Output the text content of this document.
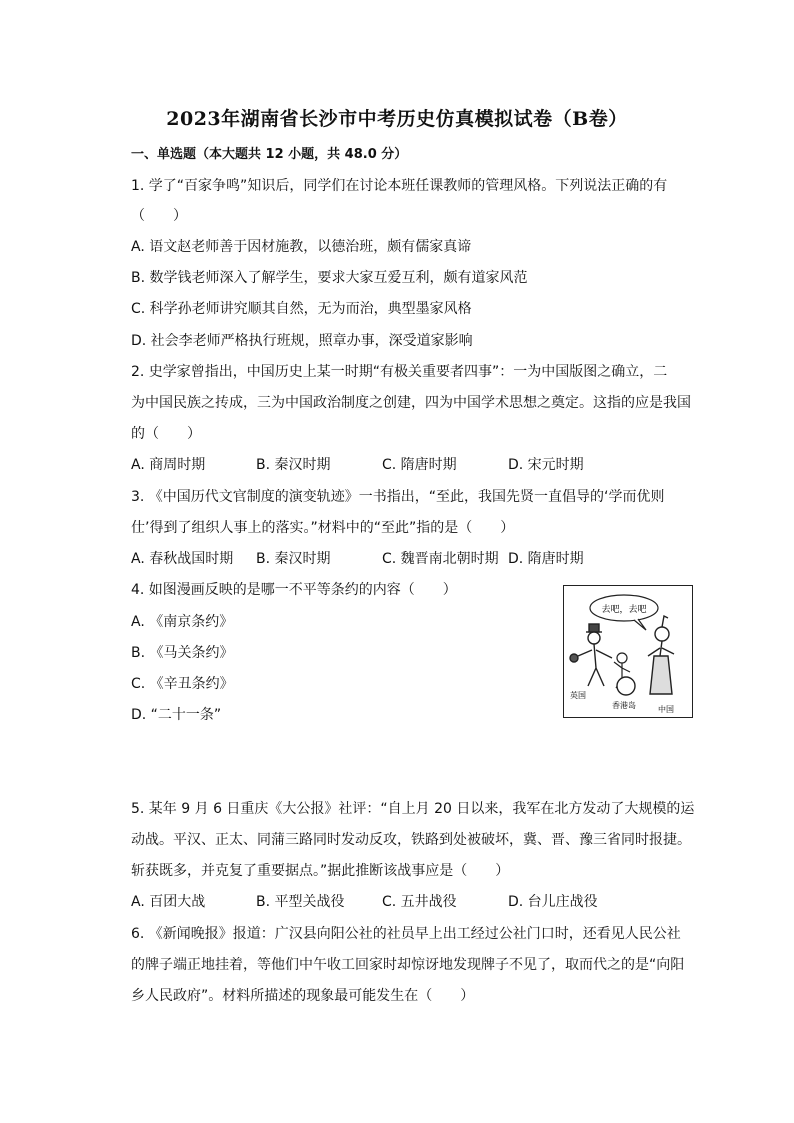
2023年湖南省长沙市中考历史仿真模拟试卷（B卷）
一、单选题（本大题共 12 小题，共 48.0 分）
1. 学了“百家争鸣”知识后，同学们在讨论本班任课教师的管理风格。下列说法正确的有
（　　）
A. 语文赵老师善于因材施教，以德治班，颇有儒家真谛
B. 数学钱老师深入了解学生，要求大家互爱互利，颇有道家风范
C. 科学孙老师讲究顺其自然，无为而治，典型墨家风格
D. 社会李老师严格执行班规，照章办事，深受道家影响
2. 史学家曾指出，中国历史上某一时期“有极关重要者四事”：一为中国版图之确立，二
为中国民族之抟成，三为中国政治制度之创建，四为中国学术思想之奠定。这指的应是我国
的（　　）
A. 商周时期	B. 秦汉时期	C. 隋唐时期	D. 宋元时期
3. 《中国历代文官制度的演变轨迹》一书指出，“至此，我国先贤一直倡导的‘学而优则
仕’得到了组织人事上的落实。”材料中的“至此”指的是（　　）
A. 春秋战国时期 B. 秦汉时期	C. 魏晋南北朝时期 D. 隋唐时期
4. 如图漫画反映的是哪一不平等条约的内容（　　）
A. 《南京条约》
B. 《马关条约》
C. 《辛丑条约》
D. “二十一条”
去吧，去吧
英国
香港岛	中国
5. 某年 9 月 6 日重庆《大公报》社评：“自上月 20 日以来，我军在北方发动了大规模的运
动战。平汉、正太、同蒲三路同时发动反攻，铁路到处被破坏，冀、晋、豫三省同时报捷。
斩获既多，并克复了重要据点。”据此推断该战事应是（　　）
A. 百团大战	B. 平型关战役	C. 五井战役	D. 台儿庄战役
6. 《新闻晚报》报道：广汉县向阳公社的社员早上出工经过公社门口时，还看见人民公社
的牌子端正地挂着，等他们中午收工回家时却惊讶地发现牌子不见了，取而代之的是“向阳
乡人民政府”。材料所描述的现象最可能发生在（　　）
